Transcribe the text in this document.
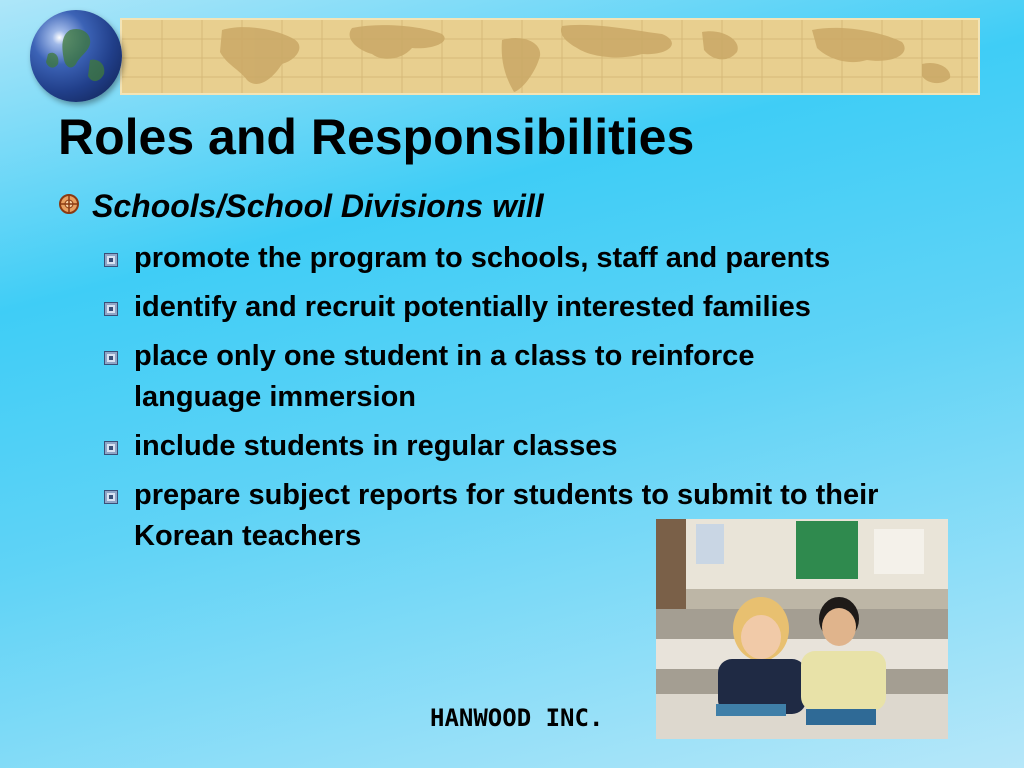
Roles and Responsibilities
Schools/School Divisions will
promote the program to schools, staff and parents
identify and recruit potentially interested families
place only one student in a class to reinforce language immersion
include students in regular classes
prepare subject reports for students to submit to their Korean teachers
HANWOOD INC.
